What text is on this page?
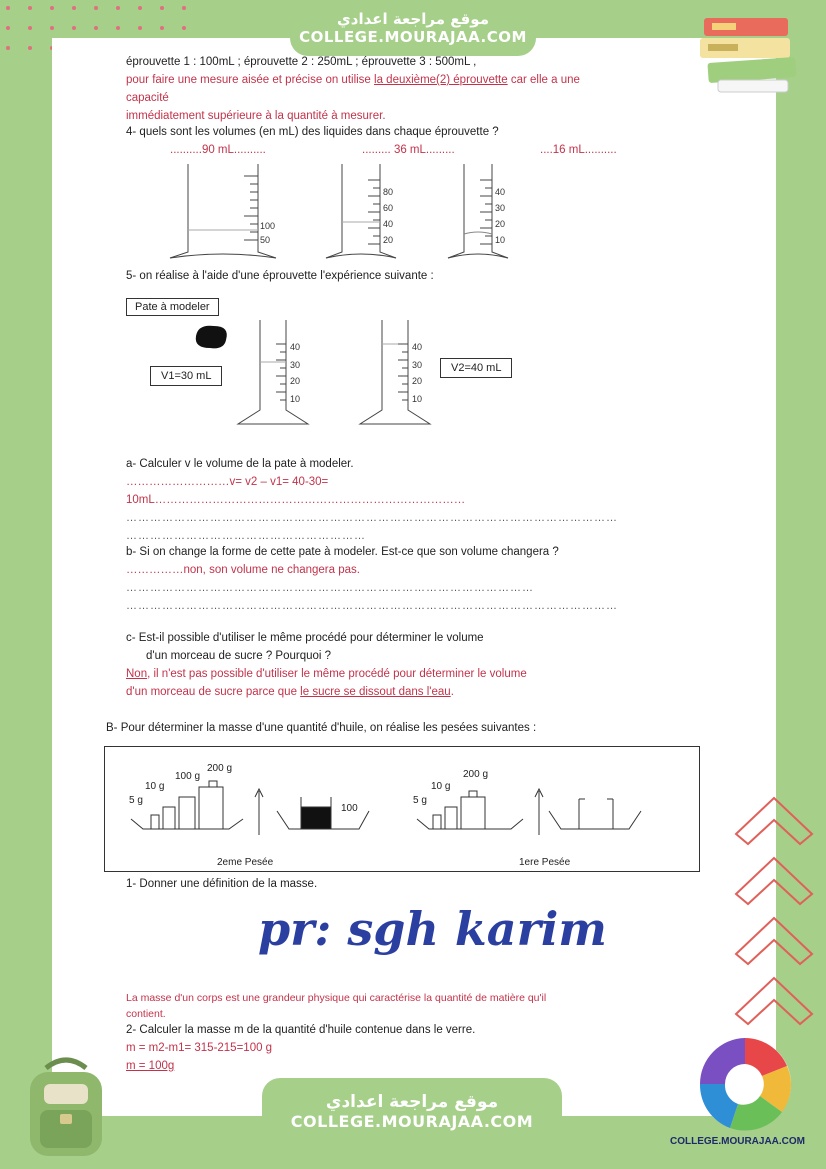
موقع مراجعة اعدادي
COLLEGE.MOURAJAA.COM
éprouvette 1 : 100mL ; éprouvette 2 : 250mL ; éprouvette 3 : 500mL ,
pour faire une mesure aisée et précise on utilise la deuxième(2) éprouvette car elle a une
capacité
immédiatement supérieure à la quantité à mesurer.
4- quels sont les volumes (en mL) des liquides dans chaque éprouvette ?
..........90 mL..........	......... 36 mL.........	....16 mL..........
100
50
80
60
40
20
40
30
20
10
5- on réalise à l'aide d'une éprouvette l'expérience suivante :
Pate à modeler
V1=30 mL
V2=40 mL
40
30
20
10
40
30
20
10
a- Calculer v le volume de la pate à modeler.
………………………v= v2 – v1= 40-30=
10mL………………………………………………………………………
……………………………………………………………………………………………………………
……………………………………………………
b- Si on change la forme de cette pate à modeler. Est-ce que son volume changera ?
……………non, son volume ne changera pas.
…………………………………………………………………………………………
……………………………………………………………………………………………………………
c- Est-il possible d'utiliser le même procédé pour déterminer le volume
d'un morceau de sucre ? Pourquoi ?
Non, il n'est pas possible d'utiliser le même procédé pour déterminer le volume
d'un morceau de sucre parce que le sucre se dissout dans l'eau.
B- Pour déterminer la masse d'une quantité d'huile, on réalise les pesées suivantes :
5 g
10 g
100 g
200 g
100
2eme Pesée
5 g
10 g
200 g
1ere Pesée
1- Donner une définition de la masse.
pr: sgh karim
La masse d'un corps est une grandeur physique qui caractérise la quantité de matière qu'il
contient.
2- Calculer la masse m de la quantité d'huile contenue dans le verre.
m = m2-m1= 315-215=100 g
m = 100g
موقع مراجعة اعدادي
COLLEGE.MOURAJAA.COM
COLLEGE.MOURAJAA.COM
